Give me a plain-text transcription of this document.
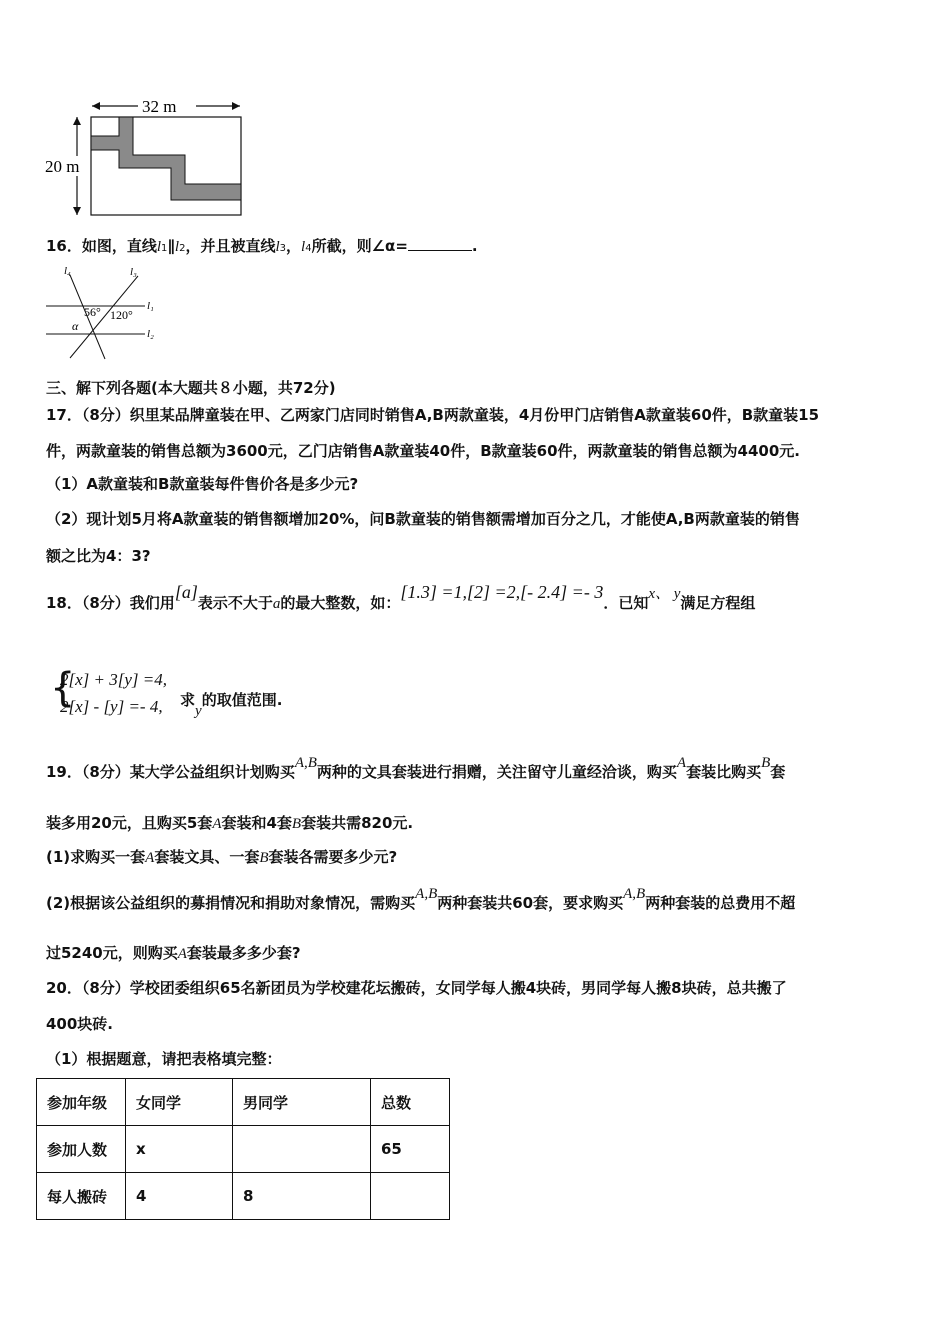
32 m
20 m
16．如图，直线l1∥l2，并且被直线l3，l4所截，则∠α=	.
l₄	l₃
l₁
l₂
56° 120°
α
三、解下列各题(本大题共８小题，共72分)
17．（8分）织里某品牌童装在甲、乙两家门店同时销售A,B两款童装，4月份甲门店销售A款童装60件，B款童装15
件，两款童装的销售总额为3600元，乙门店销售A款童装40件，B款童装60件，两款童装的销售总额为4400元.
（1）A款童装和B款童装每件售价各是多少元?
（2）现计划5月将A款童装的销售额增加20%，问B款童装的销售额需增加百分之几，才能使A,B两款童装的销售
额之比为4：3?
18．（8分）我们用[a]表示不大于a的最大整数，如：[1.3] =1,[2] =2,[- 2.4] =- 3．已知x、 y满足方程组
{
2[x] + 3[y] =4,
2[x] - [y] =- 4, 求y的取值范围.
19．（8分）某大学公益组织计划购买A,B两种的文具套装进行捐赠，关注留守儿童经洽谈，购买A套装比购买B套
装多用20元，且购买5套A套装和4套B套装共需820元.
(1)求购买一套A套装文具、一套B套装各需要多少元?
(2)根据该公益组织的募捐情况和捐助对象情况，需购买A,B两种套装共60套，要求购买A,B两种套装的总费用不超
过5240元，则购买A套装最多多少套?
20．（8分）学校团委组织65名新团员为学校建花坛搬砖，女同学每人搬4块砖，男同学每人搬8块砖，总共搬了
400块砖.
（1）根据题意，请把表格填完整：
参加年级	女同学	男同学	总数
参加人数	x		65
每人搬砖	4	8	
